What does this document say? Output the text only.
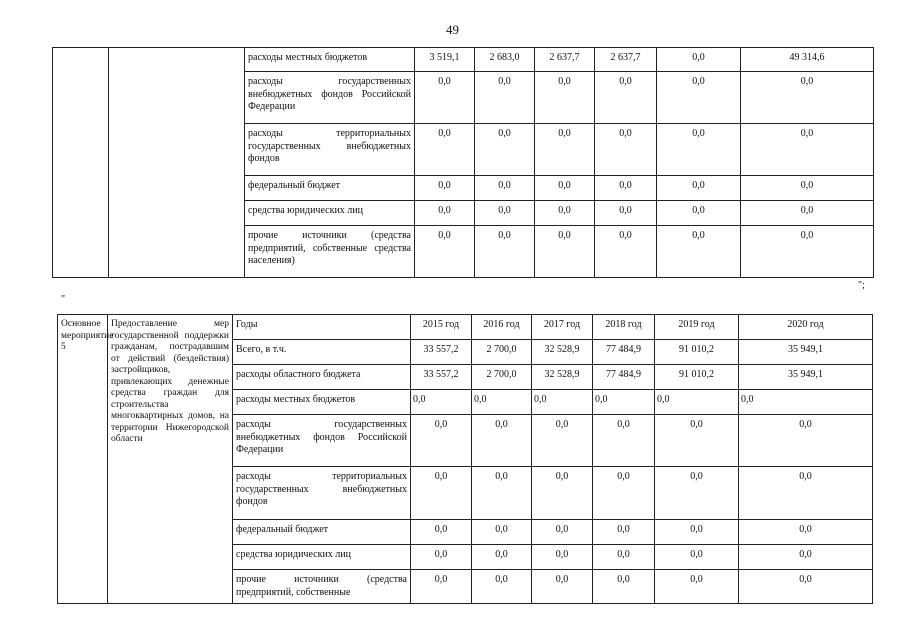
49
		расходы местных бюджетов	3 519,1	2 683,0	2 637,7	2 637,7	0,0	49 314,6
		расходы государственных внебюджетных фондов Российской Федерации	0,0	0,0	0,0	0,0	0,0	0,0
		расходы территориальных государственных внебюджетных фондов	0,0	0,0	0,0	0,0	0,0	0,0
		федеральный бюджет	0,0	0,0	0,0	0,0	0,0	0,0
		средства юридических лиц	0,0	0,0	0,0	0,0	0,0	0,0
		прочие источники (средства предприятий, собственные средства населения)	0,0	0,0	0,0	0,0	0,0	0,0
";
"
Основное мероприятие 5	Предоставление мер государственной поддержки гражданам, пострадавшим от действий (бездействия) застройщиков, привлекающих денежные средства граждан для строительства многоквартирных домов, на территории Нижегородской области	Годы	2015 год	2016 год	2017 год	2018 год	2019 год	2020 год
		Всего, в т.ч.	33 557,2	2 700,0	32 528,9	77 484,9	91 010,2	35 949,1
		расходы областного бюджета	33 557,2	2 700,0	32 528,9	77 484,9	91 010,2	35 949,1
		расходы местных бюджетов	0,0	0,0	0,0	0,0	0,0	0,0
		расходы государственных внебюджетных фондов Российской Федерации	0,0	0,0	0,0	0,0	0,0	0,0
		расходы территориальных государственных внебюджетных фондов	0,0	0,0	0,0	0,0	0,0	0,0
		федеральный бюджет	0,0	0,0	0,0	0,0	0,0	0,0
		средства юридических лиц	0,0	0,0	0,0	0,0	0,0	0,0
		прочие источники (средства предприятий, собственные	0,0	0,0	0,0	0,0	0,0	0,0
